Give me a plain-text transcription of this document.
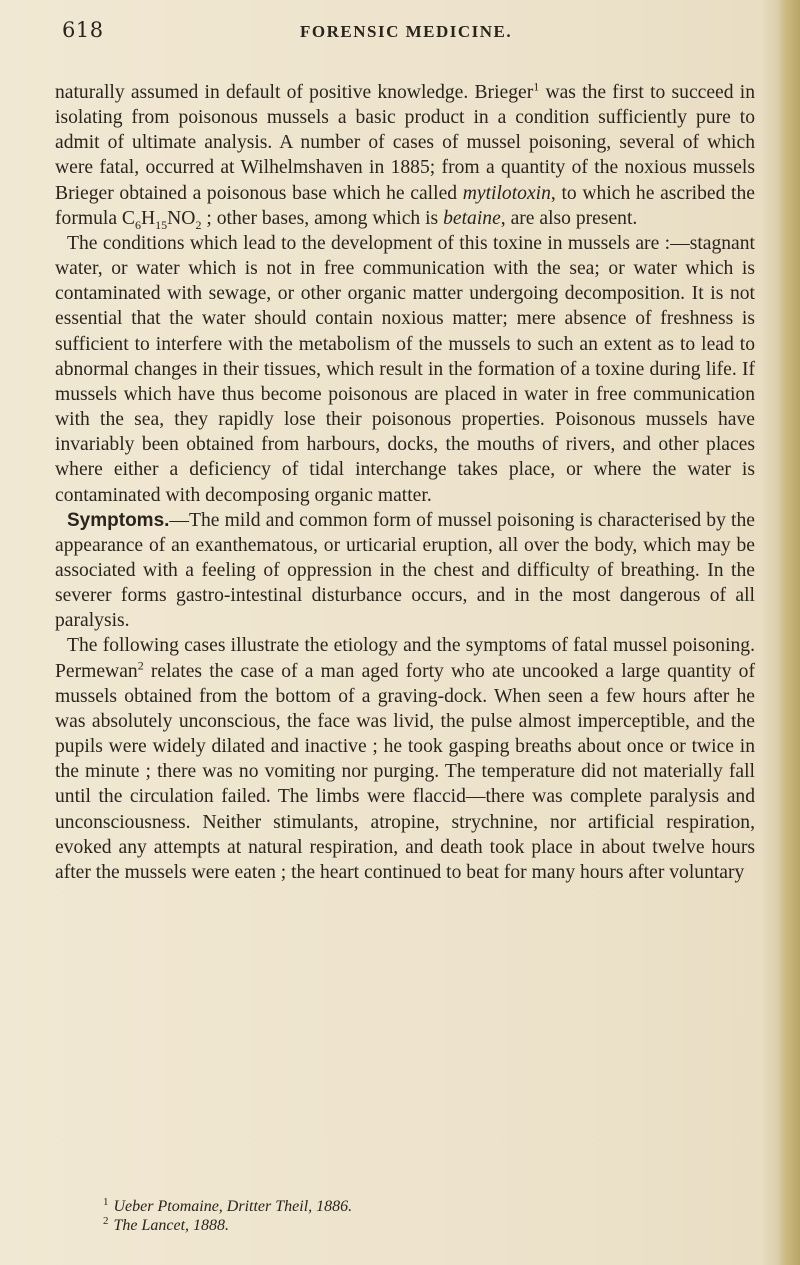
618	FORENSIC MEDICINE.

naturally assumed in default of positive knowledge. Brieger$^1$ was the first to succeed in isolating from poisonous mussels a basic product in a condition sufficiently pure to admit of ultimate analysis. A number of cases of mussel poisoning, several of which were fatal, occurred at Wilhelmshaven in 1885; from a quantity of the noxious mussels Brieger obtained a poisonous base which he called mytilotoxin, to which he ascribed the formula $C_6H_{15}NO_2$ ; other bases, among which is betaine, are also present.

The conditions which lead to the development of this toxine in mussels are :—stagnant water, or water which is not in free communication with the sea; or water which is contaminated with sewage, or other organic matter undergoing decomposition. It is not essential that the water should contain noxious matter; mere absence of freshness is sufficient to interfere with the metabolism of the mussels to such an extent as to lead to abnormal changes in their tissues, which result in the formation of a toxine during life. If mussels which have thus become poisonous are placed in water in free communication with the sea, they rapidly lose their poisonous properties. Poisonous mussels have invariably been obtained from harbours, docks, the mouths of rivers, and other places where either a deficiency of tidal interchange takes place, or where the water is contaminated with decomposing organic matter.

Symptoms.—The mild and common form of mussel poisoning is characterised by the appearance of an exanthematous, or urticarial eruption, all over the body, which may be associated with a feeling of oppression in the chest and difficulty of breathing. In the severer forms gastro-intestinal disturbance occurs, and in the most dangerous of all paralysis.

The following cases illustrate the etiology and the symptoms of fatal mussel poisoning. Permewan$^2$ relates the case of a man aged forty who ate uncooked a large quantity of mussels obtained from the bottom of a graving-dock. When seen a few hours after he was absolutely unconscious, the face was livid, the pulse almost imperceptible, and the pupils were widely dilated and inactive ; he took gasping breaths about once or twice in the minute ; there was no vomiting nor purging. The temperature did not materially fall until the circulation failed. The limbs were flaccid—there was complete paralysis and unconsciousness. Neither stimulants, atropine, strychnine, nor artificial respiration, evoked any attempts at natural respiration, and death took place in about twelve hours after the mussels were eaten ; the heart continued to beat for many hours after voluntary

$^1$ Ueber Ptomaine, Dritter Theil, 1886.

$^2$ The Lancet, 1888.
